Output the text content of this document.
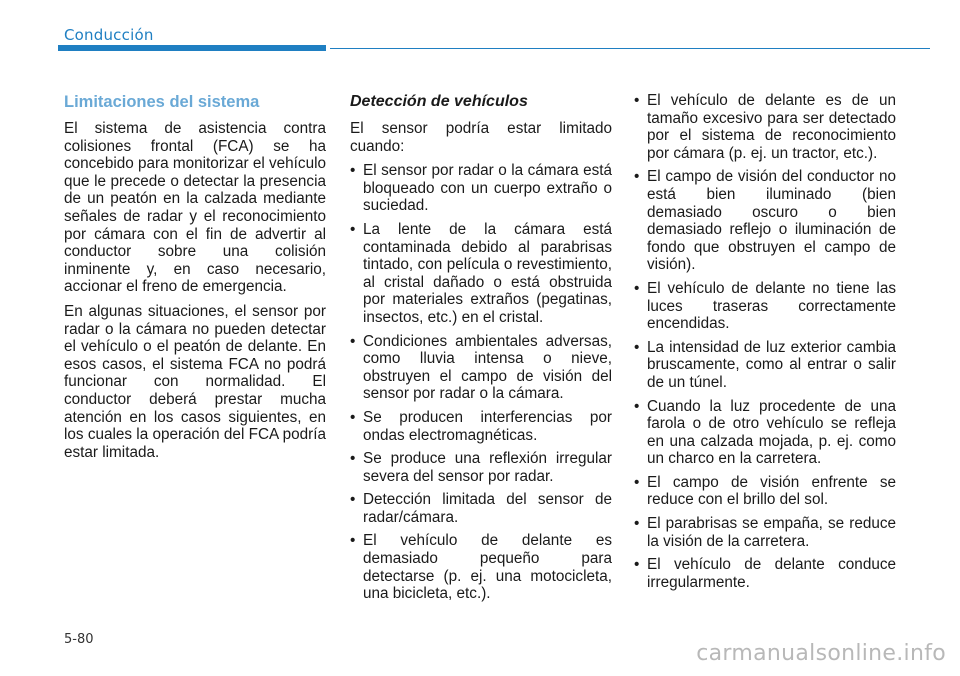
Conducción
Limitaciones del sistema

El sistema de asistencia contra colisiones frontal (FCA) se ha concebido para monitorizar el vehículo que le precede o detectar la presencia de un peatón en la calzada mediante señales de radar y el reconocimiento por cámara con el fin de advertir al conductor sobre una colisión inminente y, en caso necesario, accionar el freno de emergencia.

En algunas situaciones, el sensor por radar o la cámara no pueden detectar el vehículo o el peatón de delante. En esos casos, el sistema FCA no podrá funcionar con normalidad. El conductor deberá prestar mucha atención en los casos siguientes, en los cuales la operación del FCA podría estar limitada.

Detección de vehículos

El sensor podría estar limitado cuando:

• El sensor por radar o la cámara está bloqueado con un cuerpo extraño o suciedad.
• La lente de la cámara está contaminada debido al parabrisas tintado, con película o revestimiento, al cristal dañado o está obstruida por materiales extraños (pegatinas, insectos, etc.) en el cristal.
• Condiciones ambientales adversas, como lluvia intensa o nieve, obstruyen el campo de visión del sensor por radar o la cámara.
• Se producen interferencias por ondas electromagnéticas.
• Se produce una reflexión irregular severa del sensor por radar.
• Detección limitada del sensor de radar/cámara.
• El vehículo de delante es demasiado pequeño para detectarse (p. ej. una motocicleta, una bicicleta, etc.).
• El vehículo de delante es de un tamaño excesivo para ser detectado por el sistema de reconocimiento por cámara (p. ej. un tractor, etc.).
• El campo de visión del conductor no está bien iluminado (bien demasiado oscuro o bien demasiado reflejo o iluminación de fondo que obstruyen el campo de visión).
• El vehículo de delante no tiene las luces traseras correctamente encendidas.
• La intensidad de luz exterior cambia bruscamente, como al entrar o salir de un túnel.
• Cuando la luz procedente de una farola o de otro vehículo se refleja en una calzada mojada, p. ej. como un charco en la carretera.
• El campo de visión enfrente se reduce con el brillo del sol.
• El parabrisas se empaña, se reduce la visión de la carretera.
• El vehículo de delante conduce irregularmente.
5-80
carmanualsonline.info
